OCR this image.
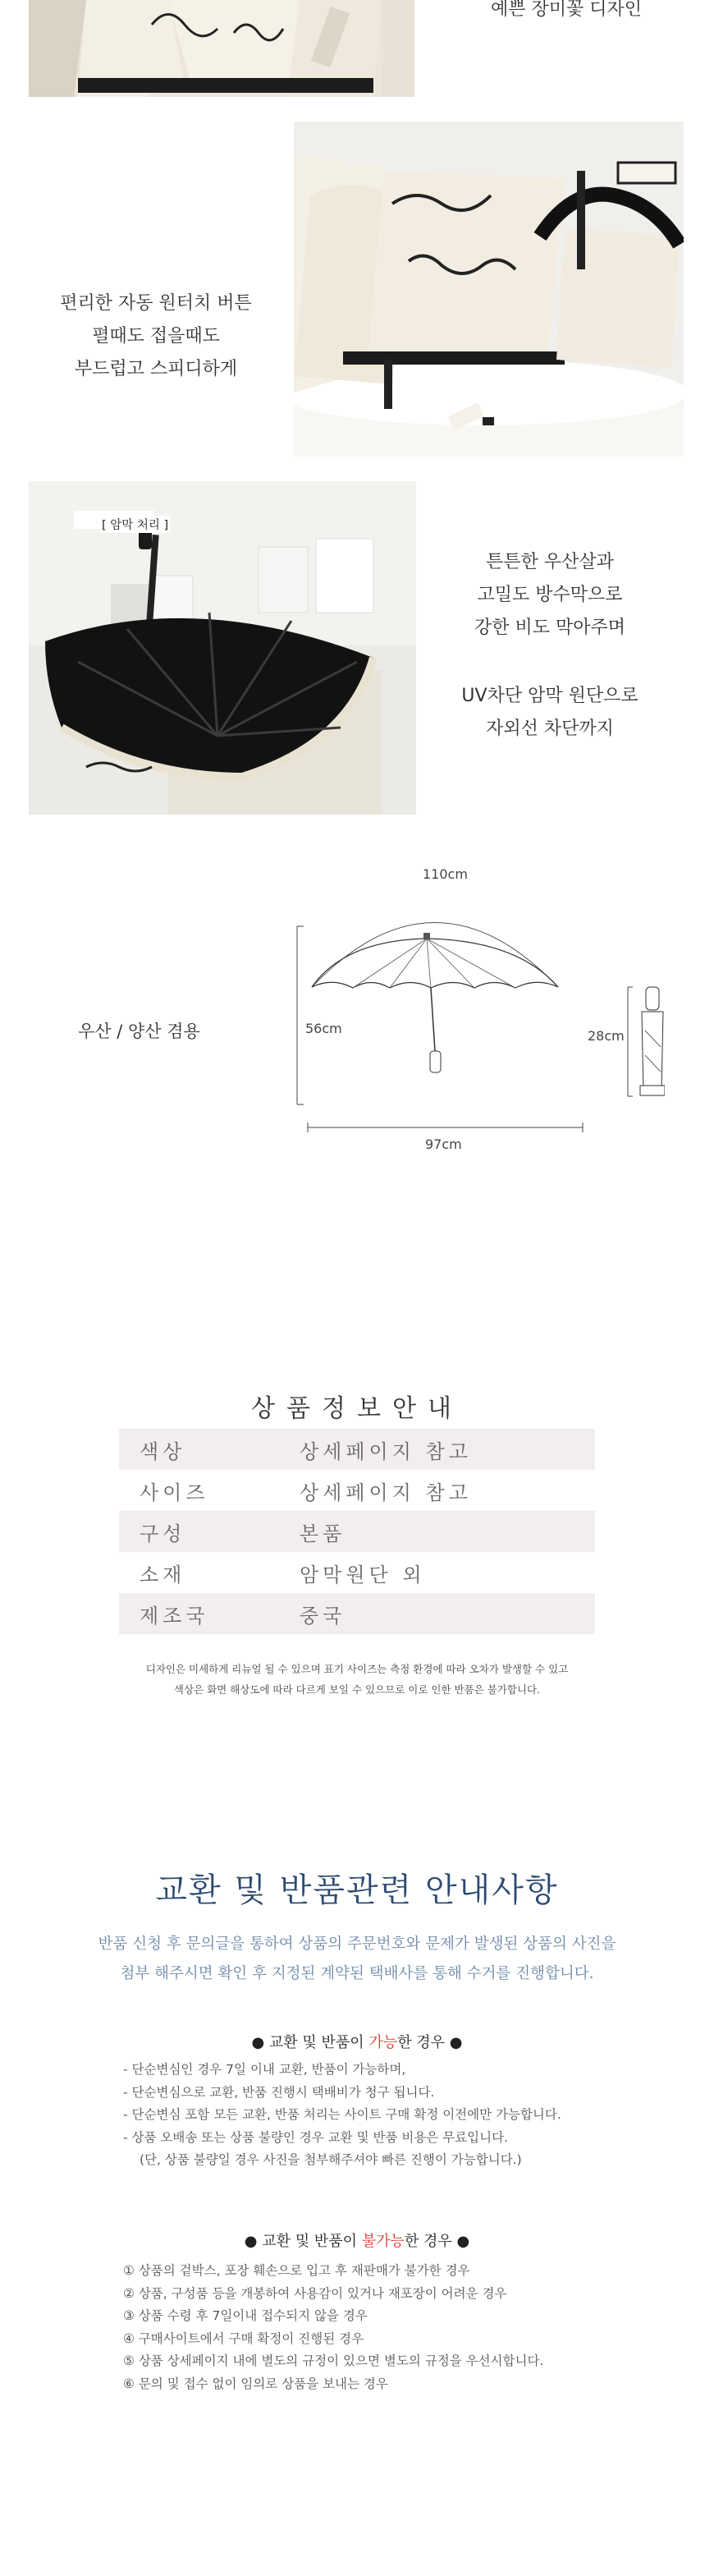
예쁜 장미꽃 디자인
편리한 자동 원터치 버튼
펼때도 접을때도
부드럽고 스피디하게
[ 암막 처리 ]
튼튼한 우산살과
고밀도 방수막으로
강한 비도 막아주며
UV차단 암막 원단으로
자외선 차단까지
우산 / 양산 겸용
110cm
56cm
97cm
28cm
상품정보안내
색상	상세페이지 참고
사이즈	상세페이지 참고
구성	본품
소재	암막원단 외
제조국	중국
디자인은 미세하게 리뉴얼 될 수 있으며 표기 사이즈는 측정 환경에 따라 오차가 발생할 수 있고
색상은 화면 해상도에 따라 다르게 보일 수 있으므로 이로 인한 반품은 불가합니다.
교환 및 반품관련 안내사항
반품 신청 후 문의글을 통하여 상품의 주문번호와 문제가 발생된 상품의 사진을
첨부 해주시면 확인 후 지정된 계약된 택배사를 통해 수거를 진행합니다.
● 교환 및 반품이 가능한 경우 ●
- 단순변심인 경우 7일 이내 교환, 반품이 가능하며,
- 단순변심으로 교환, 반품 진행시 택배비가 청구 됩니다.
- 단순변심 포함 모든 교환, 반품 처리는 사이트 구매 확정 이전에만 가능합니다.
- 상품 오배송 또는 상품 불량인 경우 교환 및 반품 비용은 무료입니다.
(단, 상품 불량일 경우 사진을 첨부해주셔야 빠른 진행이 가능합니다.)
● 교환 및 반품이 불가능한 경우 ●
① 상품의 겉박스, 포장 훼손으로 입고 후 재판매가 불가한 경우
② 상품, 구성품 등을 개봉하여 사용감이 있거나 재포장이 어려운 경우
③ 상품 수령 후 7일이내 접수되지 않을 경우
④ 구매사이트에서 구매 확정이 진행된 경우
⑤ 상품 상세페이지 내에 별도의 규정이 있으면 별도의 규정을 우선시합니다.
⑥ 문의 및 접수 없이 임의로 상품을 보내는 경우
